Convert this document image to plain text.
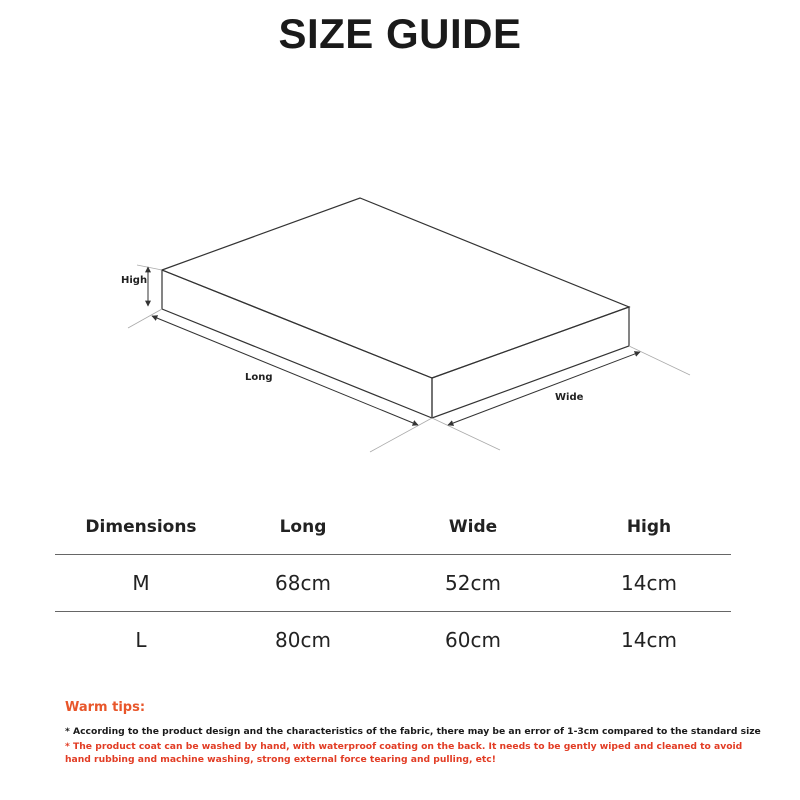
SIZE GUIDE
High
Long
Wide
Dimensions	Long	Wide	High
M	68cm	52cm	14cm
L	80cm	60cm	14cm
Warm tips:
* According to the product design and the characteristics of the fabric, there may be an error of 1-3cm compared to the standard size
* The product coat can be washed by hand, with waterproof coating on the back. It needs to be gently wiped and cleaned to avoid hand rubbing and machine washing, strong external force tearing and pulling, etc!
